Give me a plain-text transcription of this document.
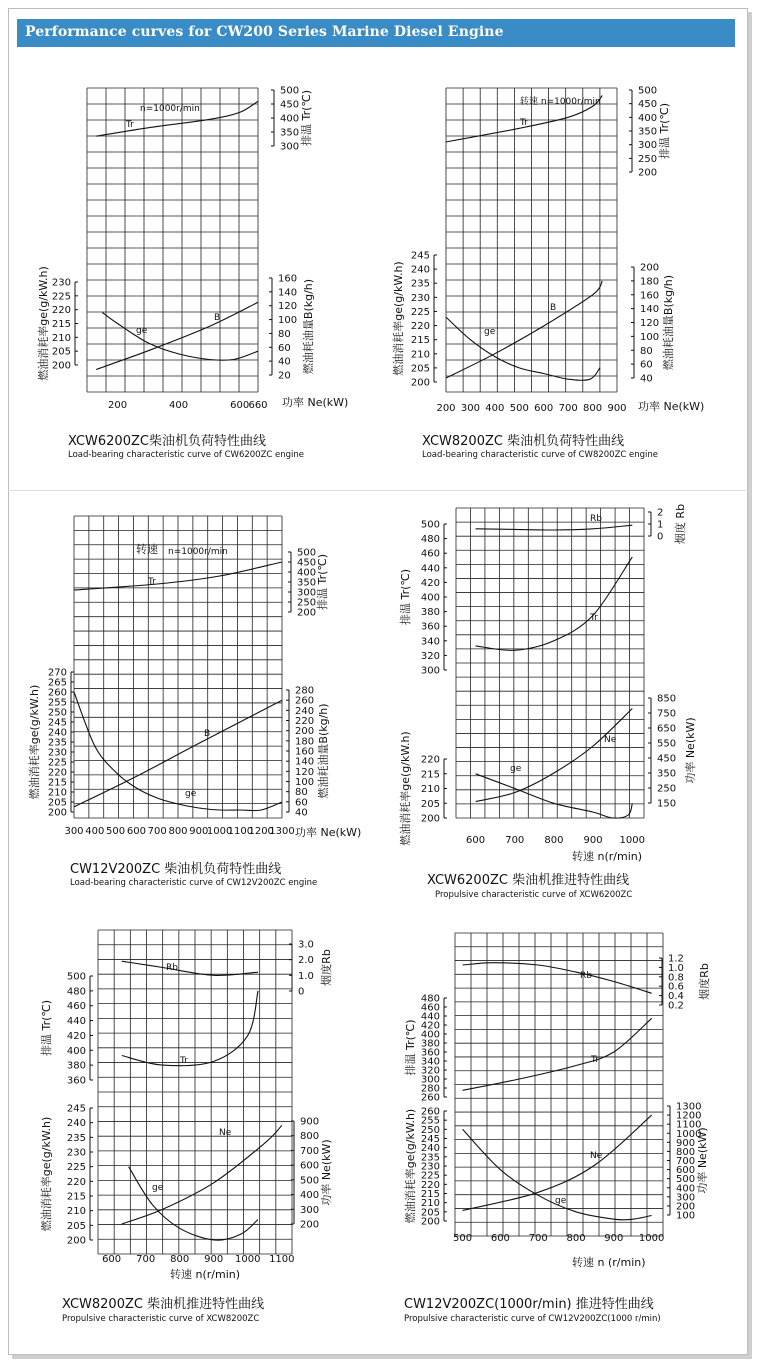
Performance curves for CW200 Series Marine Diesel Engine
200	400	600 660 功率 Ne(kW)
300
350
400
450
500 排温 Tr(℃)
200
205
210
215
220
225
230
燃油消耗率ge(g/kW.h)	20
40
60
80
100
120
140
160 燃油耗油量B(kg/h)
Tr
ge
B
n=1000r/min
XCW6200ZC柴油机负荷特性曲线
Load-bearing characteristic curve of CW6200ZC engine
200 300 400 500 600 700 800 900 功率 Ne(kW)
200
250
300
350
400
450
500
排温 Tr(℃)
200
205
210
215
220
225
230
235
240
245
燃油消耗率ge(g/kW.h)
40
60
80
100
120
140
160
180
200
燃油耗油量B(kg/h)
Tr
ge
B
转速 n=1000r/min
XCW8200ZC 柴油机负荷特性曲线
Load-bearing characteristic curve of CW8200ZC engine
300 400 500 600 700 800 900
1000
1100
1200
1300 功率 Ne(kW)
200
250
300
350
400
450
500
排温 Tr(℃)
200
205
210
215
220
225
230
235
240
245
250
255
260
265
270
燃油消耗率ge(g/kW.h)
40
60
80
100
120
140
160
180
200
220
240
260
280
燃油耗油量B(kg/h)
Tr
ge
B
转速 n=1000r/min
CW12V200ZC 柴油机负荷特性曲线
Load-bearing characteristic curve of CW12V200ZC engine
600 700 800 900 1000
转速 n(r/min)
0
1
2 烟度 Rb
300
320
340
360
380
400
420
440
460
480
500
排温 Tr(℃)
200
205
210
215
220
燃油消耗率ge(g/kW.h)	150
250
350
450
550
650
750
850
功率 Ne(kW)
Rb
Tr
ge
Ne
XCW6200ZC 柴油机推进特性曲线
Propulsive characteristic curve of XCW6200ZC
600 700 800 900 1000 1100
转速 n(r/min)
0
1.0
2.0
3.0
烟度Rb
360
380
400
420
440
460
480
500
排温 Tr(℃)
200
205
210
215
220
225
230
235
240
245
燃油消耗率ge(g/kW.h)	200
300
400
500
600
700
800
900
功率 Ne(kW)
Rb
Tr
ge
Ne
XCW8200ZC 柴油机推进特性曲线
Propulsive characteristic curve of XCW8200ZC
500 600 700 800 900 1000
转速 n (r/min)
0.2
0.4
0.6
0.8
1.0
1.2
烟度Rb
260
280
300
320
340
360
380
400
420
440
460
480
排温 Tr(℃)
200
205
210
215
220
225
230
235
240
245
250
255
260
燃油消耗率ge(g/kW.h)	100
200
300
400
500
600
700
800
900
1000
1100
1200
1300
功率 Ne(kW)
Rb
Tr
ge
Ne
CW12V200ZC(1000r/min) 推进特性曲线
Propulsive characteristic curve of CW12V200ZC(1000 r/min)
